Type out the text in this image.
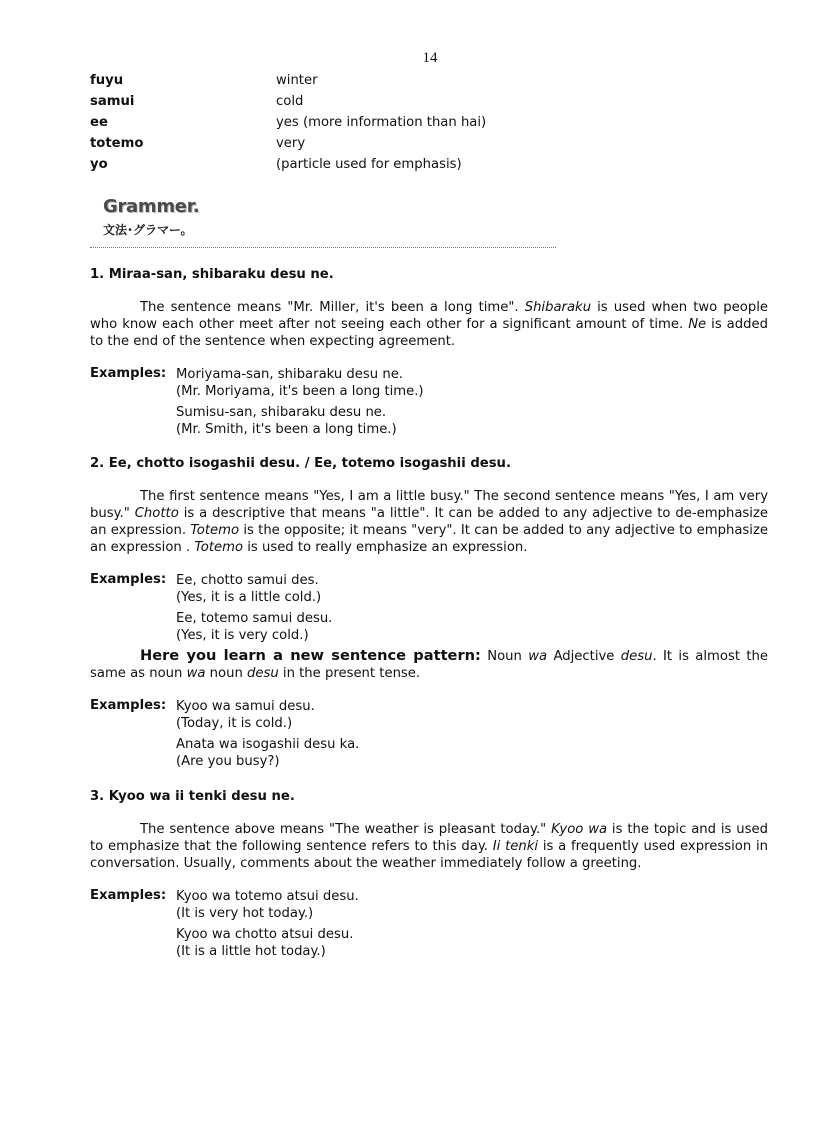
14
fuyu	winter
samui	cold
ee	yes (more information than hai)
totemo	very
yo	(particle used for emphasis)
Grammer.
文法･グラマー。

1. Miraa-san, shibaraku desu ne.

The sentence means "Mr. Miller, it's been a long time". Shibaraku is used when two people who know each other meet after not seeing each other for a significant amount of time. Ne is added to the end of the sentence when expecting agreement.

Examples: Moriyama-san, shibaraku desu ne.
(Mr. Moriyama, it's been a long time.)
Sumisu-san, shibaraku desu ne.
(Mr. Smith, it's been a long time.)

2. Ee, chotto isogashii desu. / Ee, totemo isogashii desu.

The first sentence means "Yes, I am a little busy." The second sentence means "Yes, I am very busy." Chotto is a descriptive that means "a little". It can be added to any adjective to de-emphasize an expression. Totemo is the opposite; it means "very". It can be added to any adjective to emphasize an expression . Totemo is used to really emphasize an expression.

Examples: Ee, chotto samui des.
(Yes, it is a little cold.)
Ee, totemo samui desu.
(Yes, it is very cold.)

Here you learn a new sentence pattern: Noun wa Adjective desu. It is almost the same as noun wa noun desu in the present tense.

Examples: Kyoo wa samui desu.
(Today, it is cold.)
Anata wa isogashii desu ka.
(Are you busy?)

3. Kyoo wa ii tenki desu ne.

The sentence above means "The weather is pleasant today." Kyoo wa is the topic and is used to emphasize that the following sentence refers to this day. Ii tenki is a frequently used expression in conversation. Usually, comments about the weather immediately follow a greeting.

Examples: Kyoo wa totemo atsui desu.
(It is very hot today.)
Kyoo wa chotto atsui desu.
(It is a little hot today.)
